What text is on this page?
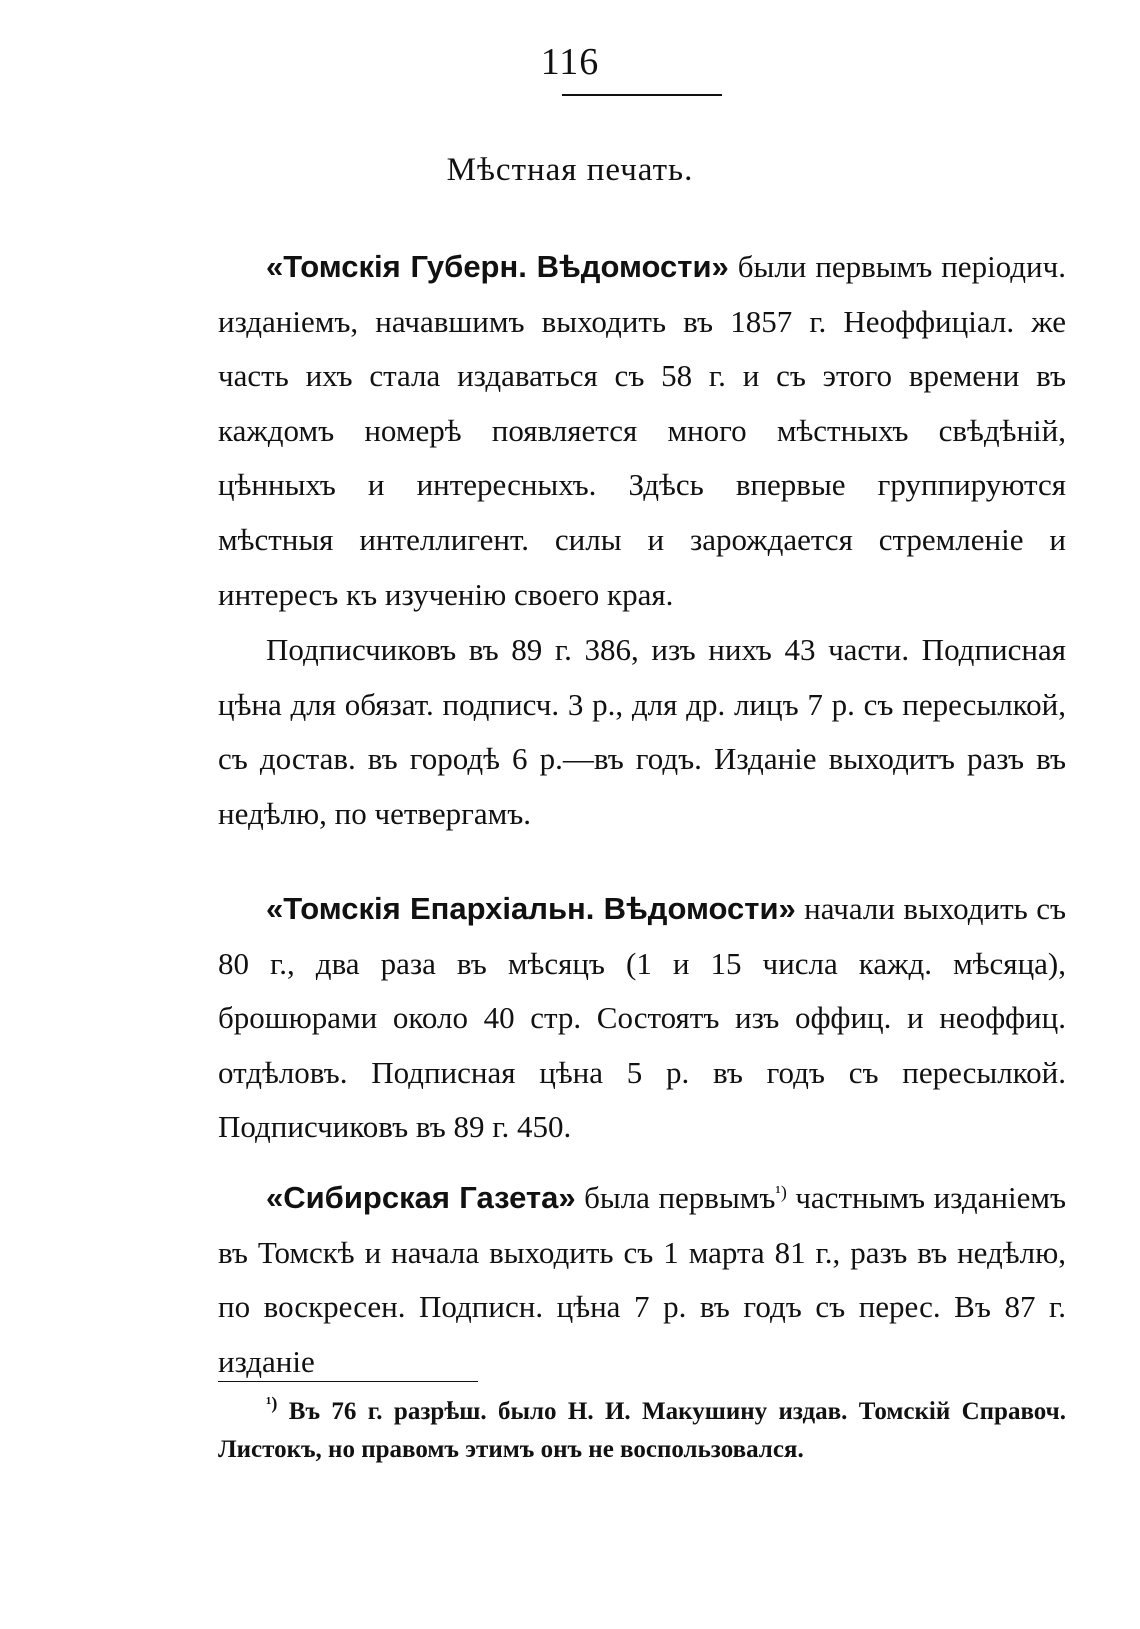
116
Мѣстная печать.

«Томскія Губерн. Вѣдомости» были первымъ періодич. изданіемъ, начавшимъ выходить въ 1857 г. Неоффиціал. же часть ихъ стала издаваться съ 58 г. и съ этого времени въ каждомъ номерѣ появляется много мѣстныхъ свѣдѣній, цѣнныхъ и интересныхъ. Здѣсь впервые группируются мѣстныя интеллигент. силы и зарождается стремленіе и интересъ къ изученію своего края.

Подписчиковъ въ 89 г. 386, изъ нихъ 43 части. Подписная цѣна для обязат. подписч. 3 р., для др. лицъ 7 р. съ пересылкой, съ достав. въ городѣ 6 р.—въ годъ. Изданіе выходитъ разъ въ недѣлю, по четвергамъ.

«Томскія Епархіальн. Вѣдомости» начали выходить съ 80 г., два раза въ мѣсяцъ (1 и 15 числа кажд. мѣсяца), брошюрами около 40 стр. Состоятъ изъ оффиц. и неоффиц. отдѣловъ. Подписная цѣна 5 р. въ годъ съ пересылкой. Подписчиковъ въ 89 г. 450.

«Сибирская Газета» была первымъ$^{^1)}$ частнымъ изданіемъ въ Томскѣ и начала выходить съ 1 марта 81 г., разъ въ недѣлю, по воскресен. Подписн. цѣна 7 р. въ годъ съ перес. Въ 87 г. изданіе

$^{^1)}$ Въ 76 г. разрѣш. было Н. И. Макушину издав. Томскій Справоч. Листокъ, но правомъ этимъ онъ не воспользовался.
